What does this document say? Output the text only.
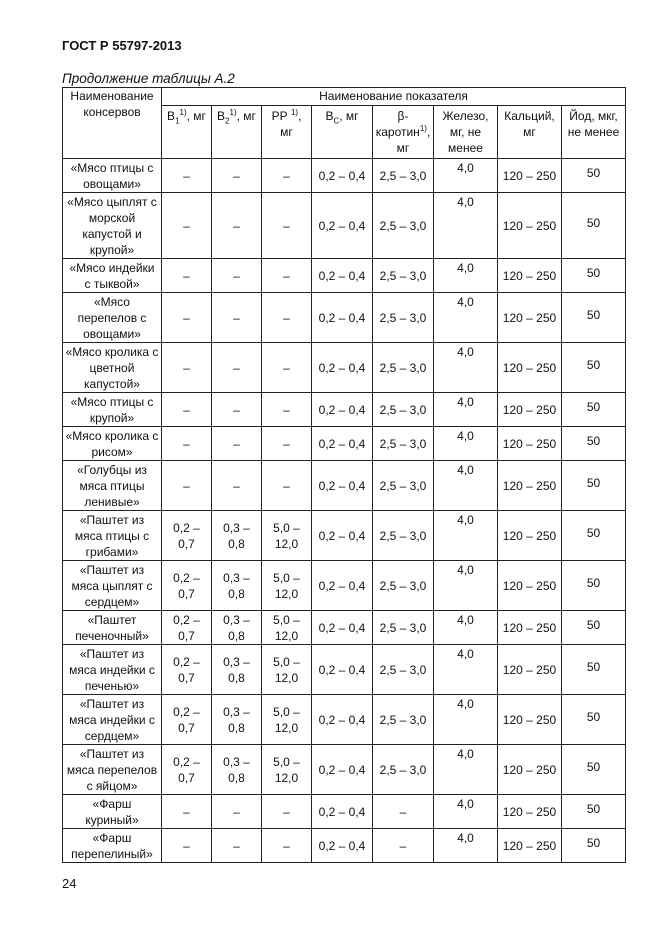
ГОСТ Р 55797-2013
Продолжение таблицы А.2
Наименование консервов	Наименование показателя							
	$В_1^{1)}$, мг	$В_2^{1)}$, мг	РР $^{1)}$, мг	$В_C$, мг	β-каротин$^{1)}$, мг	Железо, мг, не менее	Кальций, мг	Йод, мкг, не менее
«Мясо птицы с овощами»	–	–	–	0,2 – 0,4	2,5 – 3,0	4,0	120 – 250	50
«Мясо цыплят с морской капустой и крупой»	–	–	–	0,2 – 0,4	2,5 – 3,0	4,0	120 – 250	50
«Мясо индейки с тыквой»	–	–	–	0,2 – 0,4	2,5 – 3,0	4,0	120 – 250	50
«Мясо перепелов с овощами»	–	–	–	0,2 – 0,4	2,5 – 3,0	4,0	120 – 250	50
«Мясо кролика с цветной капустой»	–	–	–	0,2 – 0,4	2,5 – 3,0	4,0	120 – 250	50
«Мясо птицы с крупой»	–	–	–	0,2 – 0,4	2,5 – 3,0	4,0	120 – 250	50
«Мясо кролика с рисом»	–	–	–	0,2 – 0,4	2,5 – 3,0	4,0	120 – 250	50
«Голубцы из мяса птицы ленивые»	–	–	–	0,2 – 0,4	2,5 – 3,0	4,0	120 – 250	50
«Паштет из мяса птицы с грибами»	0,2 – 0,7	0,3 – 0,8	5,0 – 12,0	0,2 – 0,4	2,5 – 3,0	4,0	120 – 250	50
«Паштет из мяса цыплят с сердцем»	0,2 – 0,7	0,3 – 0,8	5,0 – 12,0	0,2 – 0,4	2,5 – 3,0	4,0	120 – 250	50
«Паштет печеночный»	0,2 – 0,7	0,3 – 0,8	5,0 – 12,0	0,2 – 0,4	2,5 – 3,0	4,0	120 – 250	50
«Паштет из мяса индейки с печенью»	0,2 – 0,7	0,3 – 0,8	5,0 – 12,0	0,2 – 0,4	2,5 – 3,0	4,0	120 – 250	50
«Паштет из мяса индейки с сердцем»	0,2 – 0,7	0,3 – 0,8	5,0 – 12,0	0,2 – 0,4	2,5 – 3,0	4,0	120 – 250	50
«Паштет из мяса перепелов с яйцом»	0,2 – 0,7	0,3 – 0,8	5,0 – 12,0	0,2 – 0,4	2,5 – 3,0	4,0	120 – 250	50
«Фарш куриный»	–	–	–	0,2 – 0,4	–	4,0	120 – 250	50
«Фарш перепелиный»	–	–	–	0,2 – 0,4	–	4,0	120 – 250	50
24
